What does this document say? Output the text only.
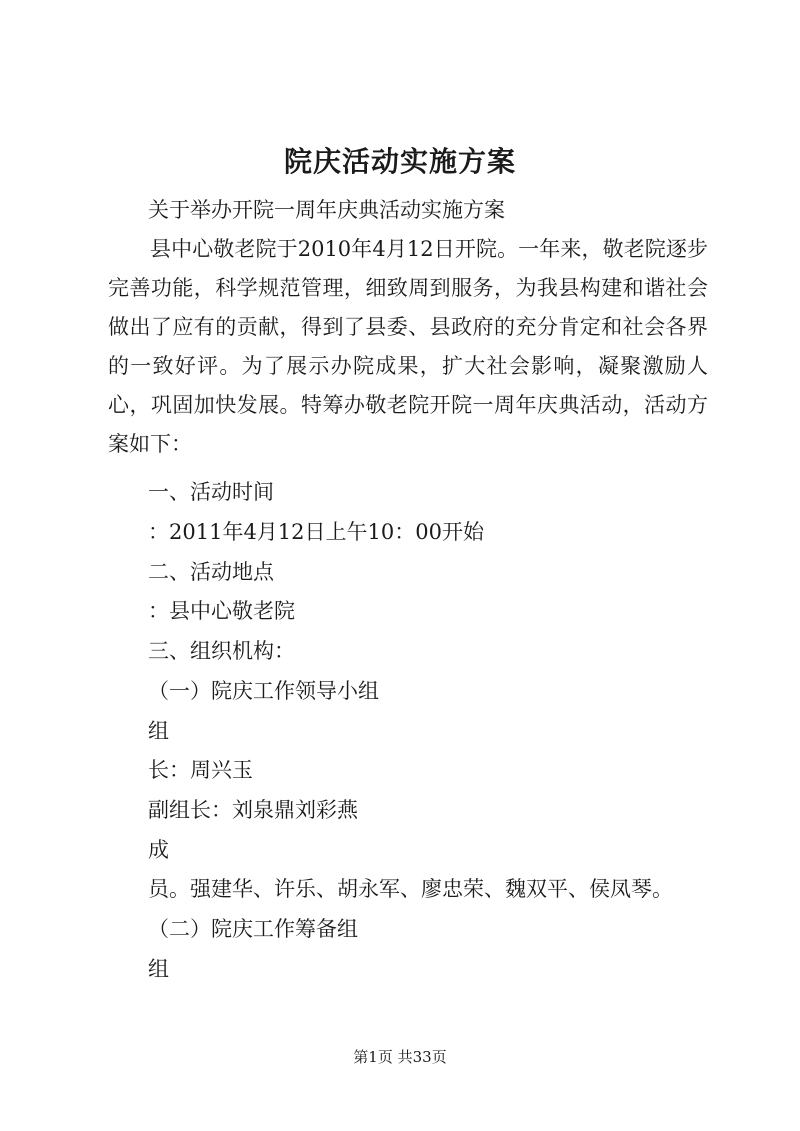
院庆活动实施方案
关于举办开院一周年庆典活动实施方案

县中心敬老院于2010年4月12日开院。一年来，敬老院逐步完善功能，科学规范管理，细致周到服务，为我县构建和谐社会做出了应有的贡献，得到了县委、县政府的充分肯定和社会各界的一致好评。为了展示办院成果，扩大社会影响，凝聚激励人心，巩固加快发展。特筹办敬老院开院一周年庆典活动，活动方案如下：

一、活动时间
：2011年4月12日上午10：00开始
二、活动地点
：县中心敬老院
三、组织机构：
（一）院庆工作领导小组
组
长：周兴玉
副组长：刘泉鼎刘彩燕
成
员。强建华、许乐、胡永军、廖忠荣、魏双平、侯凤琴。
（二）院庆工作筹备组
组
第1页 共33页
